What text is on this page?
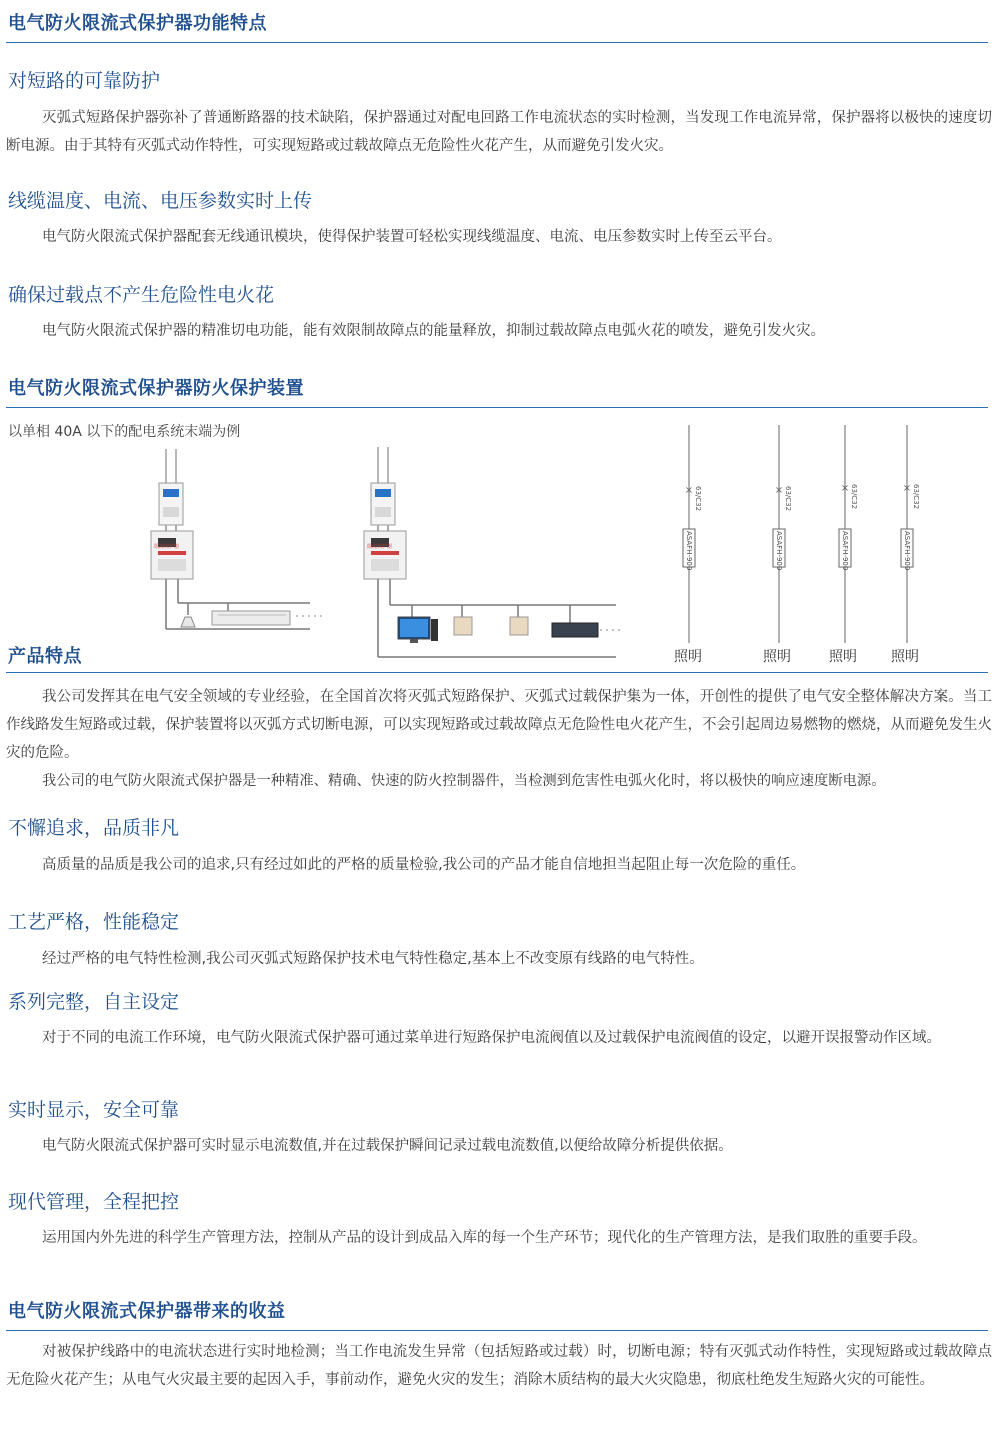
电气防火限流式保护器功能特点
对短路的可靠防护
灭弧式短路保护器弥补了普通断路器的技术缺陷，保护器通过对配电回路工作电流状态的实时检测，当发现工作电流异常，保护器将以极快的速度切断电源。由于其特有灭弧式动作特性，可实现短路或过载故障点无危险性火花产生，从而避免引发火灾。
线缆温度、电流、电压参数实时上传
电气防火限流式保护器配套无线通讯模块，使得保护装置可轻松实现线缆温度、电流、电压参数实时上传至云平台。
确保过载点不产生危险性电火花
电气防火限流式保护器的精准切电功能，能有效限制故障点的能量释放，抑制过载故障点电弧火花的喷发，避免引发火灾。
电气防火限流式保护器防火保护装置
以单相 40A 以下的配电系统末端为例
×	×	×	×
限流保护器	限流保护器
63/C32	63/C32	63/C32	63/C32
ASAFH-900	ASAFH-900	ASAFH-900	ASAFH-900
照明	照明	照明 照明
产品特点
我公司发挥其在电气安全领域的专业经验，在全国首次将灭弧式短路保护、灭弧式过载保护集为一体，开创性的提供了电气安全整体解决方案。当工作线路发生短路或过载，保护装置将以灭弧方式切断电源，可以实现短路或过载故障点无危险性电火花产生，不会引起周边易燃物的燃烧，从而避免发生火灾的危险。
我公司的电气防火限流式保护器是一种精准、精确、快速的防火控制器件，当检测到危害性电弧火化时，将以极快的响应速度断电源。
不懈追求，品质非凡
高质量的品质是我公司的追求,只有经过如此的严格的质量检验,我公司的产品才能自信地担当起阻止每一次危险的重任。
工艺严格，性能稳定
经过严格的电气特性检测,我公司灭弧式短路保护技术电气特性稳定,基本上不改变原有线路的电气特性。
系列完整，自主设定
对于不同的电流工作环境，电气防火限流式保护器可通过菜单进行短路保护电流阀值以及过载保护电流阀值的设定，以避开误报警动作区域。
实时显示，安全可靠
电气防火限流式保护器可实时显示电流数值,并在过载保护瞬间记录过载电流数值,以便给故障分析提供依据。
现代管理，全程把控
运用国内外先进的科学生产管理方法，控制从产品的设计到成品入库的每一个生产环节；现代化的生产管理方法，是我们取胜的重要手段。
电气防火限流式保护器带来的收益
对被保护线路中的电流状态进行实时地检测；当工作电流发生异常（包括短路或过载）时，切断电源；特有灭弧式动作特性，实现短路或过载故障点无危险火花产生；从电气火灾最主要的起因入手，事前动作，避免火灾的发生；消除木质结构的最大火灾隐患，彻底杜绝发生短路火灾的可能性。
